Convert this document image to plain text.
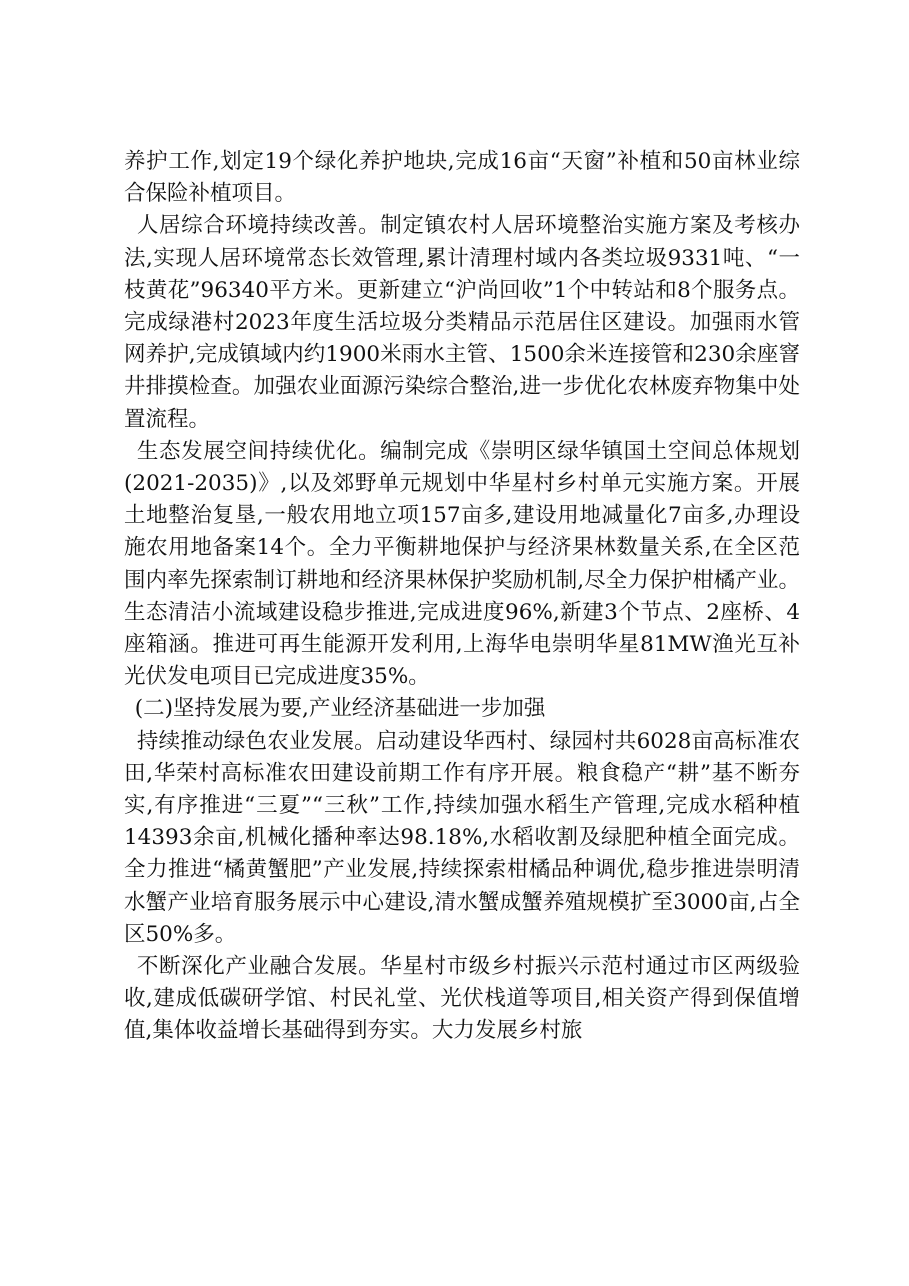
养护工作,划定19个绿化养护地块,完成16亩“天窗”补植和50亩林业综合保险补植项目。

人居综合环境持续改善。制定镇农村人居环境整治实施方案及考核办法,实现人居环境常态长效管理,累计清理村域内各类垃圾9331吨、“一枝黄花”96340平方米。更新建立“沪尚回收”1个中转站和8个服务点。完成绿港村2023年度生活垃圾分类精品示范居住区建设。加强雨水管网养护,完成镇域内约1900米雨水主管、1500余米连接管和230余座窨井排摸检查。加强农业面源污染综合整治,进一步优化农林废弃物集中处置流程。

生态发展空间持续优化。编制完成《崇明区绿华镇国土空间总体规划(2021-2035)》,以及郊野单元规划中华星村乡村单元实施方案。开展土地整治复垦,一般农用地立项157亩多,建设用地减量化7亩多,办理设施农用地备案14个。全力平衡耕地保护与经济果林数量关系,在全区范围内率先探索制订耕地和经济果林保护奖励机制,尽全力保护柑橘产业。生态清洁小流域建设稳步推进,完成进度96%,新建3个节点、2座桥、4座箱涵。推进可再生能源开发利用,上海华电崇明华星81MW渔光互补光伏发电项目已完成进度35%。

(二)坚持发展为要,产业经济基础进一步加强

持续推动绿色农业发展。启动建设华西村、绿园村共6028亩高标准农田,华荣村高标准农田建设前期工作有序开展。粮食稳产“耕”基不断夯实,有序推进“三夏”“三秋”工作,持续加强水稻生产管理,完成水稻种植14393余亩,机械化播种率达98.18%,水稻收割及绿肥种植全面完成。全力推进“橘黄蟹肥”产业发展,持续探索柑橘品种调优,稳步推进崇明清水蟹产业培育服务展示中心建设,清水蟹成蟹养殖规模扩至3000亩,占全区50%多。

不断深化产业融合发展。华星村市级乡村振兴示范村通过市区两级验收,建成低碳研学馆、村民礼堂、光伏栈道等项目,相关资产得到保值增值,集体收益增长基础得到夯实。大力发展乡村旅
